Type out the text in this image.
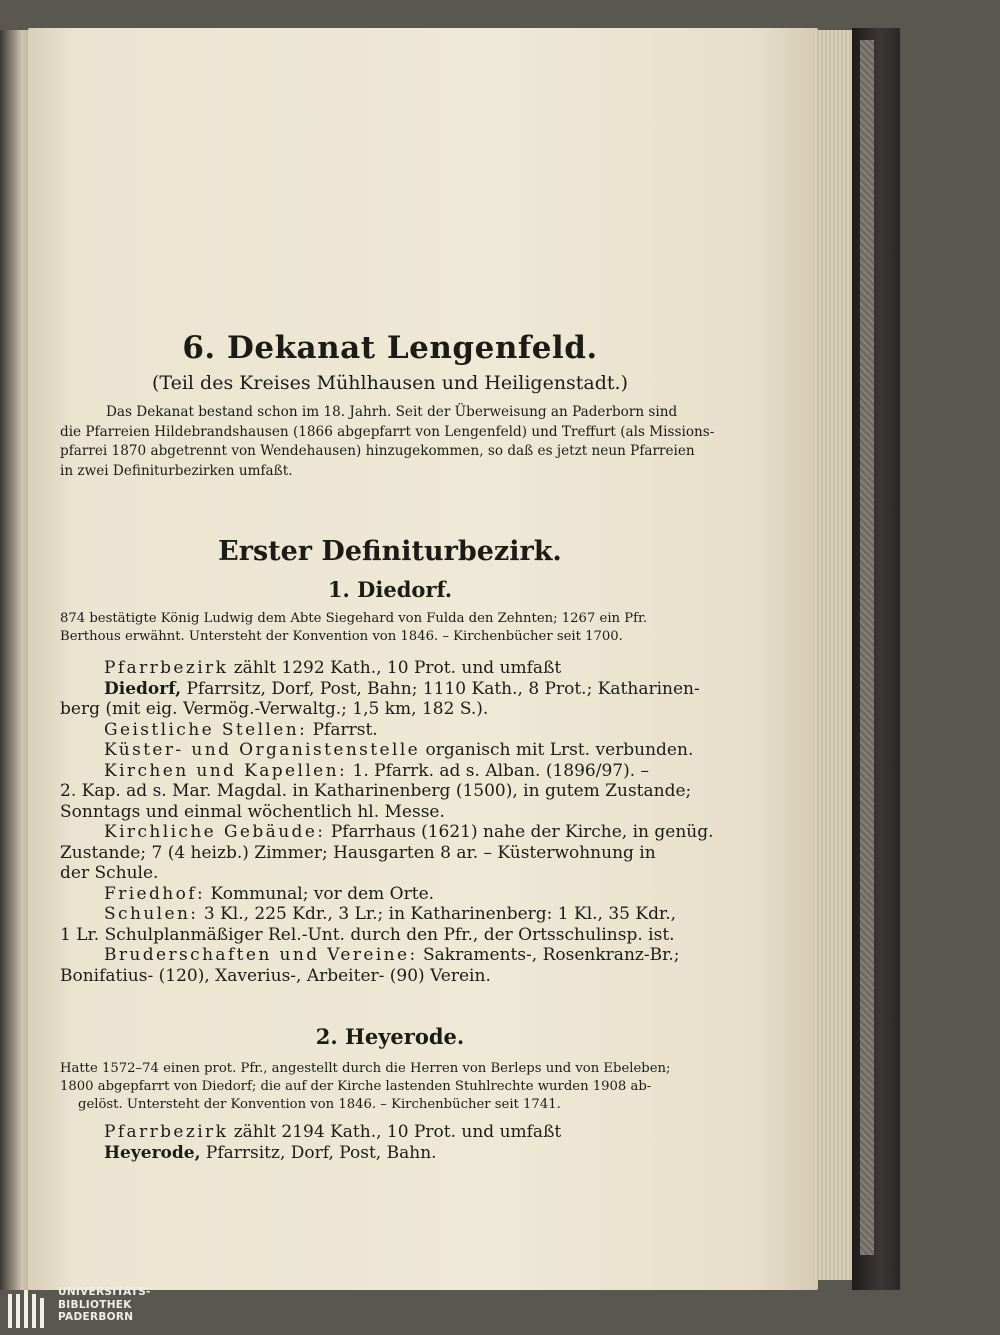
6. Dekanat Lengenfeld.
(Teil des Kreises Mühlhausen und Heiligenstadt.)
Das Dekanat bestand schon im 18. Jahrh. Seit der Überweisung an Paderborn sind
die Pfarreien Hildebrandshausen (1866 abgepfarrt von Lengenfeld) und Treffurt (als Missions-
pfarrei 1870 abgetrennt von Wendehausen) hinzugekommen, so daß es jetzt neun Pfarreien
in zwei Definiturbezirken umfaßt.
Erster Definiturbezirk.
1. Diedorf.
874 bestätigte König Ludwig dem Abte Siegehard von Fulda den Zehnten; 1267 ein Pfr.
Berthous erwähnt. Untersteht der Konvention von 1846. – Kirchenbücher seit 1700.
Pfarrbezirk zählt 1292 Kath., 10 Prot. und umfaßt
Diedorf, Pfarrsitz, Dorf, Post, Bahn; 1110 Kath., 8 Prot.; Katharinen-
berg (mit eig. Vermög.-Verwaltg.; 1,5 km, 182 S.).
Geistliche Stellen: Pfarrst.
Küster- und Organistenstelle organisch mit Lrst. verbunden.
Kirchen und Kapellen: 1. Pfarrk. ad s. Alban. (1896/97). –
2. Kap. ad s. Mar. Magdal. in Katharinenberg (1500), in gutem Zustande;
Sonntags und einmal wöchentlich hl. Messe.
Kirchliche Gebäude: Pfarrhaus (1621) nahe der Kirche, in genüg.
Zustande; 7 (4 heizb.) Zimmer; Hausgarten 8 ar. – Küsterwohnung in
der Schule.
Friedhof: Kommunal; vor dem Orte.
Schulen: 3 Kl., 225 Kdr., 3 Lr.; in Katharinenberg: 1 Kl., 35 Kdr.,
1 Lr. Schulplanmäßiger Rel.-Unt. durch den Pfr., der Ortsschulinsp. ist.
Bruderschaften und Vereine: Sakraments-, Rosenkranz-Br.;
Bonifatius- (120), Xaverius-, Arbeiter- (90) Verein.
2. Heyerode.
Hatte 1572–74 einen prot. Pfr., angestellt durch die Herren von Berleps und von Ebeleben;
1800 abgepfarrt von Diedorf; die auf der Kirche lastenden Stuhlrechte wurden 1908 ab-
gelöst. Untersteht der Konvention von 1846. – Kirchenbücher seit 1741.
Pfarrbezirk zählt 2194 Kath., 10 Prot. und umfaßt
Heyerode, Pfarrsitz, Dorf, Post, Bahn.
UNIVERSITÄTS-
BIBLIOTHEK
PADERBORN
